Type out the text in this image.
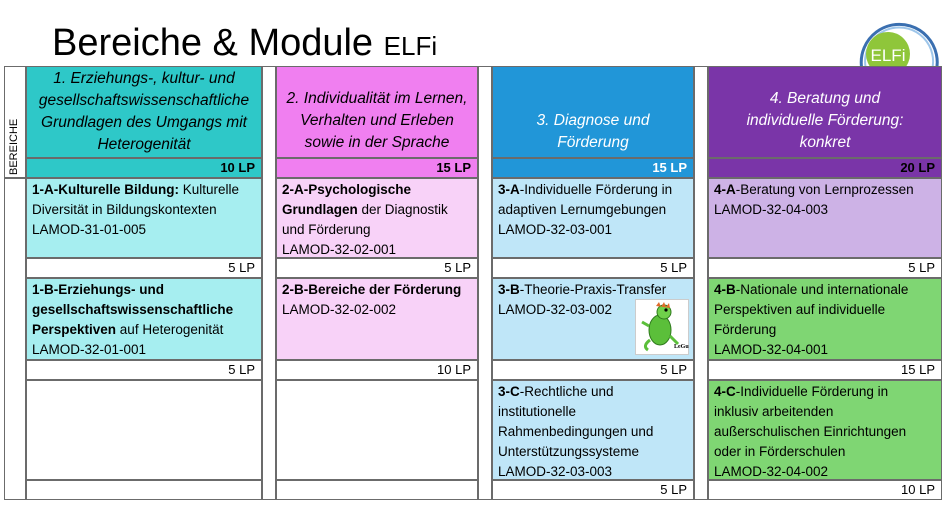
Bereiche & Module ELFi	ELFi
BEREICHE
1. Erziehungs-, kultur- und
gesellschaftswissenschaftliche
Grundlagen des Umgangs mit
Heterogenität
10 LP
2. Individualität im Lernen,
Verhalten und Erleben
sowie in der Sprache
15 LP
3. Diagnose und
Förderung
15 LP
4. Beratung und
individuelle Förderung:
konkret
20 LP
1-A-Kulturelle Bildung: Kulturelle Diversität in Bildungskontexten
LAMOD-31-01-005
5 LP
2-A-Psychologische Grundlagen der Diagnostik und Förderung
LAMOD-32-02-001
5 LP
3-A-Individuelle Förderung in adaptiven Lernumgebungen
LAMOD-32-03-001
5 LP
4-A-Beratung von Lernprozessen
LAMOD-32-04-003
5 LP
1-B-Erziehungs- und gesellschaftswissenschaftliche Perspektiven auf Heterogenität
LAMOD-32-01-001
5 LP
2-B-Bereiche der Förderung
LAMOD-32-02-002
10 LP
3-B-Theorie-Praxis-Transfer
LAMOD-32-03-002
LeGu
5 LP
4-B-Nationale und internationale Perspektiven auf individuelle Förderung
LAMOD-32-04-001
15 LP
3-C-Rechtliche und institutionelle Rahmenbedingungen und Unterstützungssysteme
LAMOD-32-03-003
5 LP
4-C-Individuelle Förderung in inklusiv arbeitenden außerschulischen Einrichtungen oder in Förderschulen
LAMOD-32-04-002
10 LP
